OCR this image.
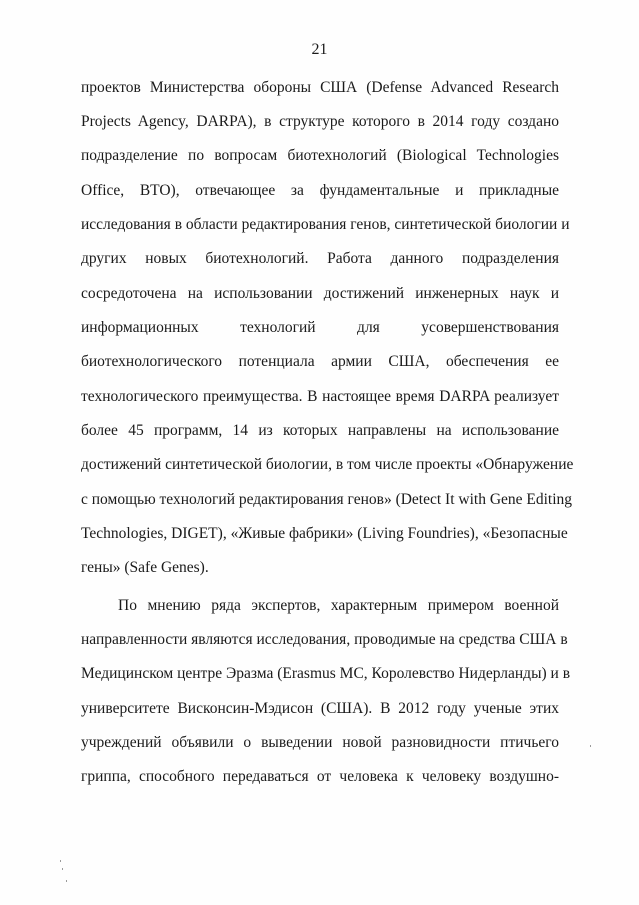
21
проектов Министерства обороны США (Defense Advanced Research
Projects Agency, DARPA), в структуре которого в 2014 году создано
подразделение по вопросам биотехнологий (Biological Technologies
Office, BTO), отвечающее за фундаментальные и прикладные
исследования в области редактирования генов, синтетической биологии и
других новых биотехнологий. Работа данного подразделения
сосредоточена на использовании достижений инженерных наук и
информационных технологий для усовершенствования
биотехнологического потенциала армии США, обеспечения ее
технологического преимущества. В настоящее время DARPA реализует
более 45 программ, 14 из которых направлены на использование
достижений синтетической биологии, в том числе проекты «Обнаружение
с помощью технологий редактирования генов» (Detect It with Gene Editing
Technologies, DIGET), «Живые фабрики» (Living Foundries), «Безопасные
гены» (Safe Genes).
По мнению ряда экспертов, характерным примером военной
направленности являются исследования, проводимые на средства США в
Медицинском центре Эразма (Erasmus MC, Королевство Нидерланды) и в
университете Висконсин-Мэдисон (США). В 2012 году ученые этих
учреждений объявили о выведении новой разновидности птичьего
гриппа, способного передаваться от человека к человеку воздушно-
